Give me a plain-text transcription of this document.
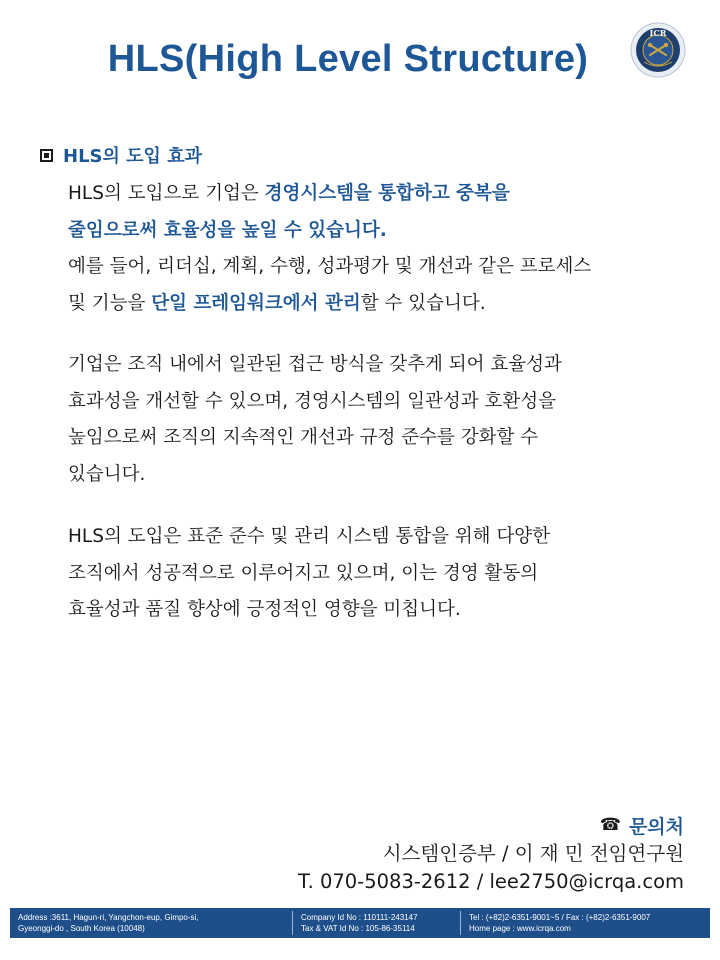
HLS(High Level Structure)
ICR
HLS의 도입 효과
HLS의 도입으로 기업은 경영시스템을 통합하고 중복을
줄임으로써 효율성을 높일 수 있습니다.
예를 들어, 리더십, 계획, 수행, 성과평가 및 개선과 같은 프로세스
및 기능을 단일 프레임워크에서 관리할 수 있습니다.
기업은 조직 내에서 일관된 접근 방식을 갖추게 되어 효율성과
효과성을 개선할 수 있으며, 경영시스템의 일관성과 호환성을
높임으로써 조직의 지속적인 개선과 규정 준수를 강화할 수
있습니다.
HLS의 도입은 표준 준수 및 관리 시스템 통합을 위해 다양한
조직에서 성공적으로 이루어지고 있으며, 이는 경영 활동의
효율성과 품질 향상에 긍정적인 영향을 미칩니다.
☎ 문의처
시스템인증부 / 이 재 민 전임연구원
T. 070-5083-2612 / lee2750@icrqa.com
Address :3611, Hagun-ri, Yangchon-eup, Gimpo-si,
Gyeonggi-do , South Korea (10048)
Company Id No : 110111-243147
Tax & VAT Id No : 105-86-35114
Tel : (+82)2-6351-9001~5 / Fax : (+82)2-6351-9007
Home page : www.icrqa.com
